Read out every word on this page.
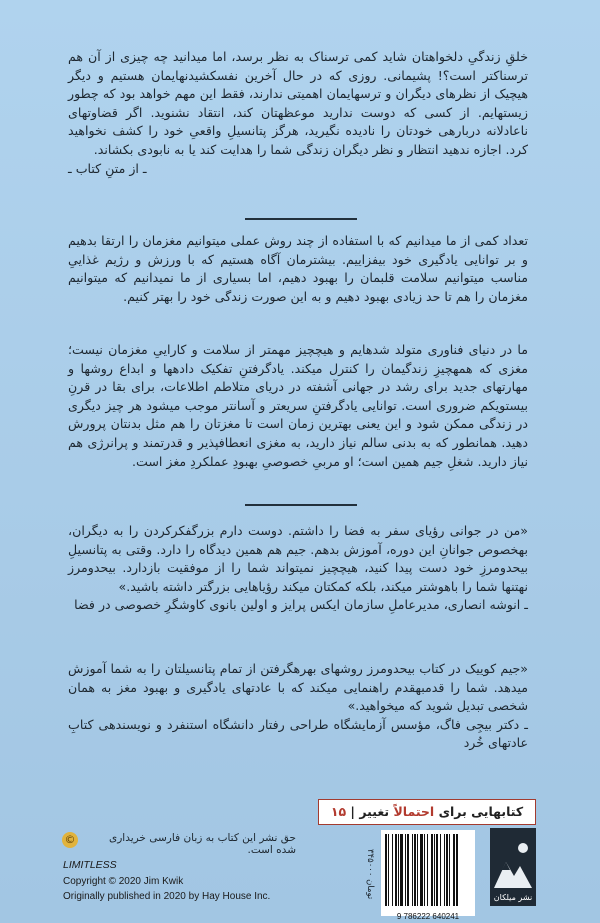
خلقِ زندگیِ دلخواهتان شاید کمی ترسناک به نظر برسد، اما میدانید چه چیزی از آن هم ترسناکتر است؟! پشیمانی. روزی که در حال آخرین نفسکشیدنهایمان هستیم و دیگر هیچیک از نظرهای دیگران و ترسهایمان اهمیتی ندارند، فقط این مهم خواهد بود که چطور زیستهایم. از کسی که دوست ندارید موعظهتان کند، انتقاد نشنوید. اگر قضاوتهای ناعادلانه دربارهی خودتان را نادیده نگیرید، هرگز پتانسیلِ واقعیِ خود را کشف نخواهید کرد. اجازه ندهید انتظار و نظر دیگران زندگی شما را هدایت کند یا به نابودی بکشاند.
ـ از متنِ کتاب ـ
تعداد کمی از ما میدانیم که با استفاده از چند روش عملی میتوانیم مغزمان را ارتقا بدهیم و بر توانایی یادگیری خود بیفزاییم. بیشترمان آگاه هستیم که با ورزش و رژیم غذاییِ مناسب میتوانیم سلامت قلبمان را بهبود دهیم، اما بسیاری از ما نمیدانیم که میتوانیم مغزمان را هم تا حد زیادی بهبود دهیم و به این صورت زندگی خود را بهتر کنیم.
ما در دنیای فناوری متولد شدهایم و هیچچیز مهمتر از سلامت و کاراییِ مغزمان نیست؛ مغزی که همهچیزِ زندگیمان را کنترل میکند. یادگرفتنِ تفکیک دادهها و ابداع روشها و مهارتهای جدید برای رشد در جهانی آشفته در دریای متلاطم اطلاعات، برای بقا در قرنِ بیستویکم ضروری است. توانایی یادگرفتنِ سریعتر و آسانتر موجب میشود هر چیز دیگری در زندگی ممکن شود و این یعنی بهترین زمان است تا مغزتان را هم مثل بدنتان پرورش دهید. همانطور که به بدنی سالم نیاز دارید، به مغزی انعطافپذیر و قدرتمند و پرانرژی هم نیاز دارید. شغلِ جیم همین است؛ او مربیِ خصوصیِ بهبودِ عملکردِ مغز است.
«من در جوانی رؤیای سفر به فضا را داشتم. دوست دارم بزرگفکرکردن را به دیگران، بهخصوص جوانانِ این دوره، آموزش بدهم. جیم هم همین دیدگاه را دارد. وقتی به پتانسیلِ بیحدومرزِ خود دست پیدا کنید، هیچچیز نمیتواند شما را از موفقیت بازدارد. بیحدومرز نهتنها شما را باهوشتر میکند، بلکه کمکتان میکند رؤیاهایی بزرگتر داشته باشید.»
ـ انوشه انصاری، مدیرعاملِ سازمان ایکس پرایز و اولین بانوی کاوشگرِ خصوصی در فضا
«جیم کوییک در کتاب بیحدومرز روشهای بهرهگرفتن از تمام پتانسیلتان را به شما آموزش میدهد. شما را قدمبهقدم راهنمایی میکند که با عادتهای یادگیری و بهبود مغز به همان شخصی تبدیل شوید که میخواهید.»
ـ دکتر بیجِی فاگ، مؤسس آزمایشگاه طراحی رفتار دانشگاه استنفرد و نویسندهی کتابِ عادتهای خُرد
کتابهایی برای احتمالاً تغییر | ۱۵
©	حق نشر این کتاب به زبان فارسی خریداری شده است.
LIMITLESS
Copyright © 2020 Jim Kwik
Originally published in 2020 by Hay House Inc.
۳۴۵۰۰۰ تومان
9 786222 640241
نشر میلکان
